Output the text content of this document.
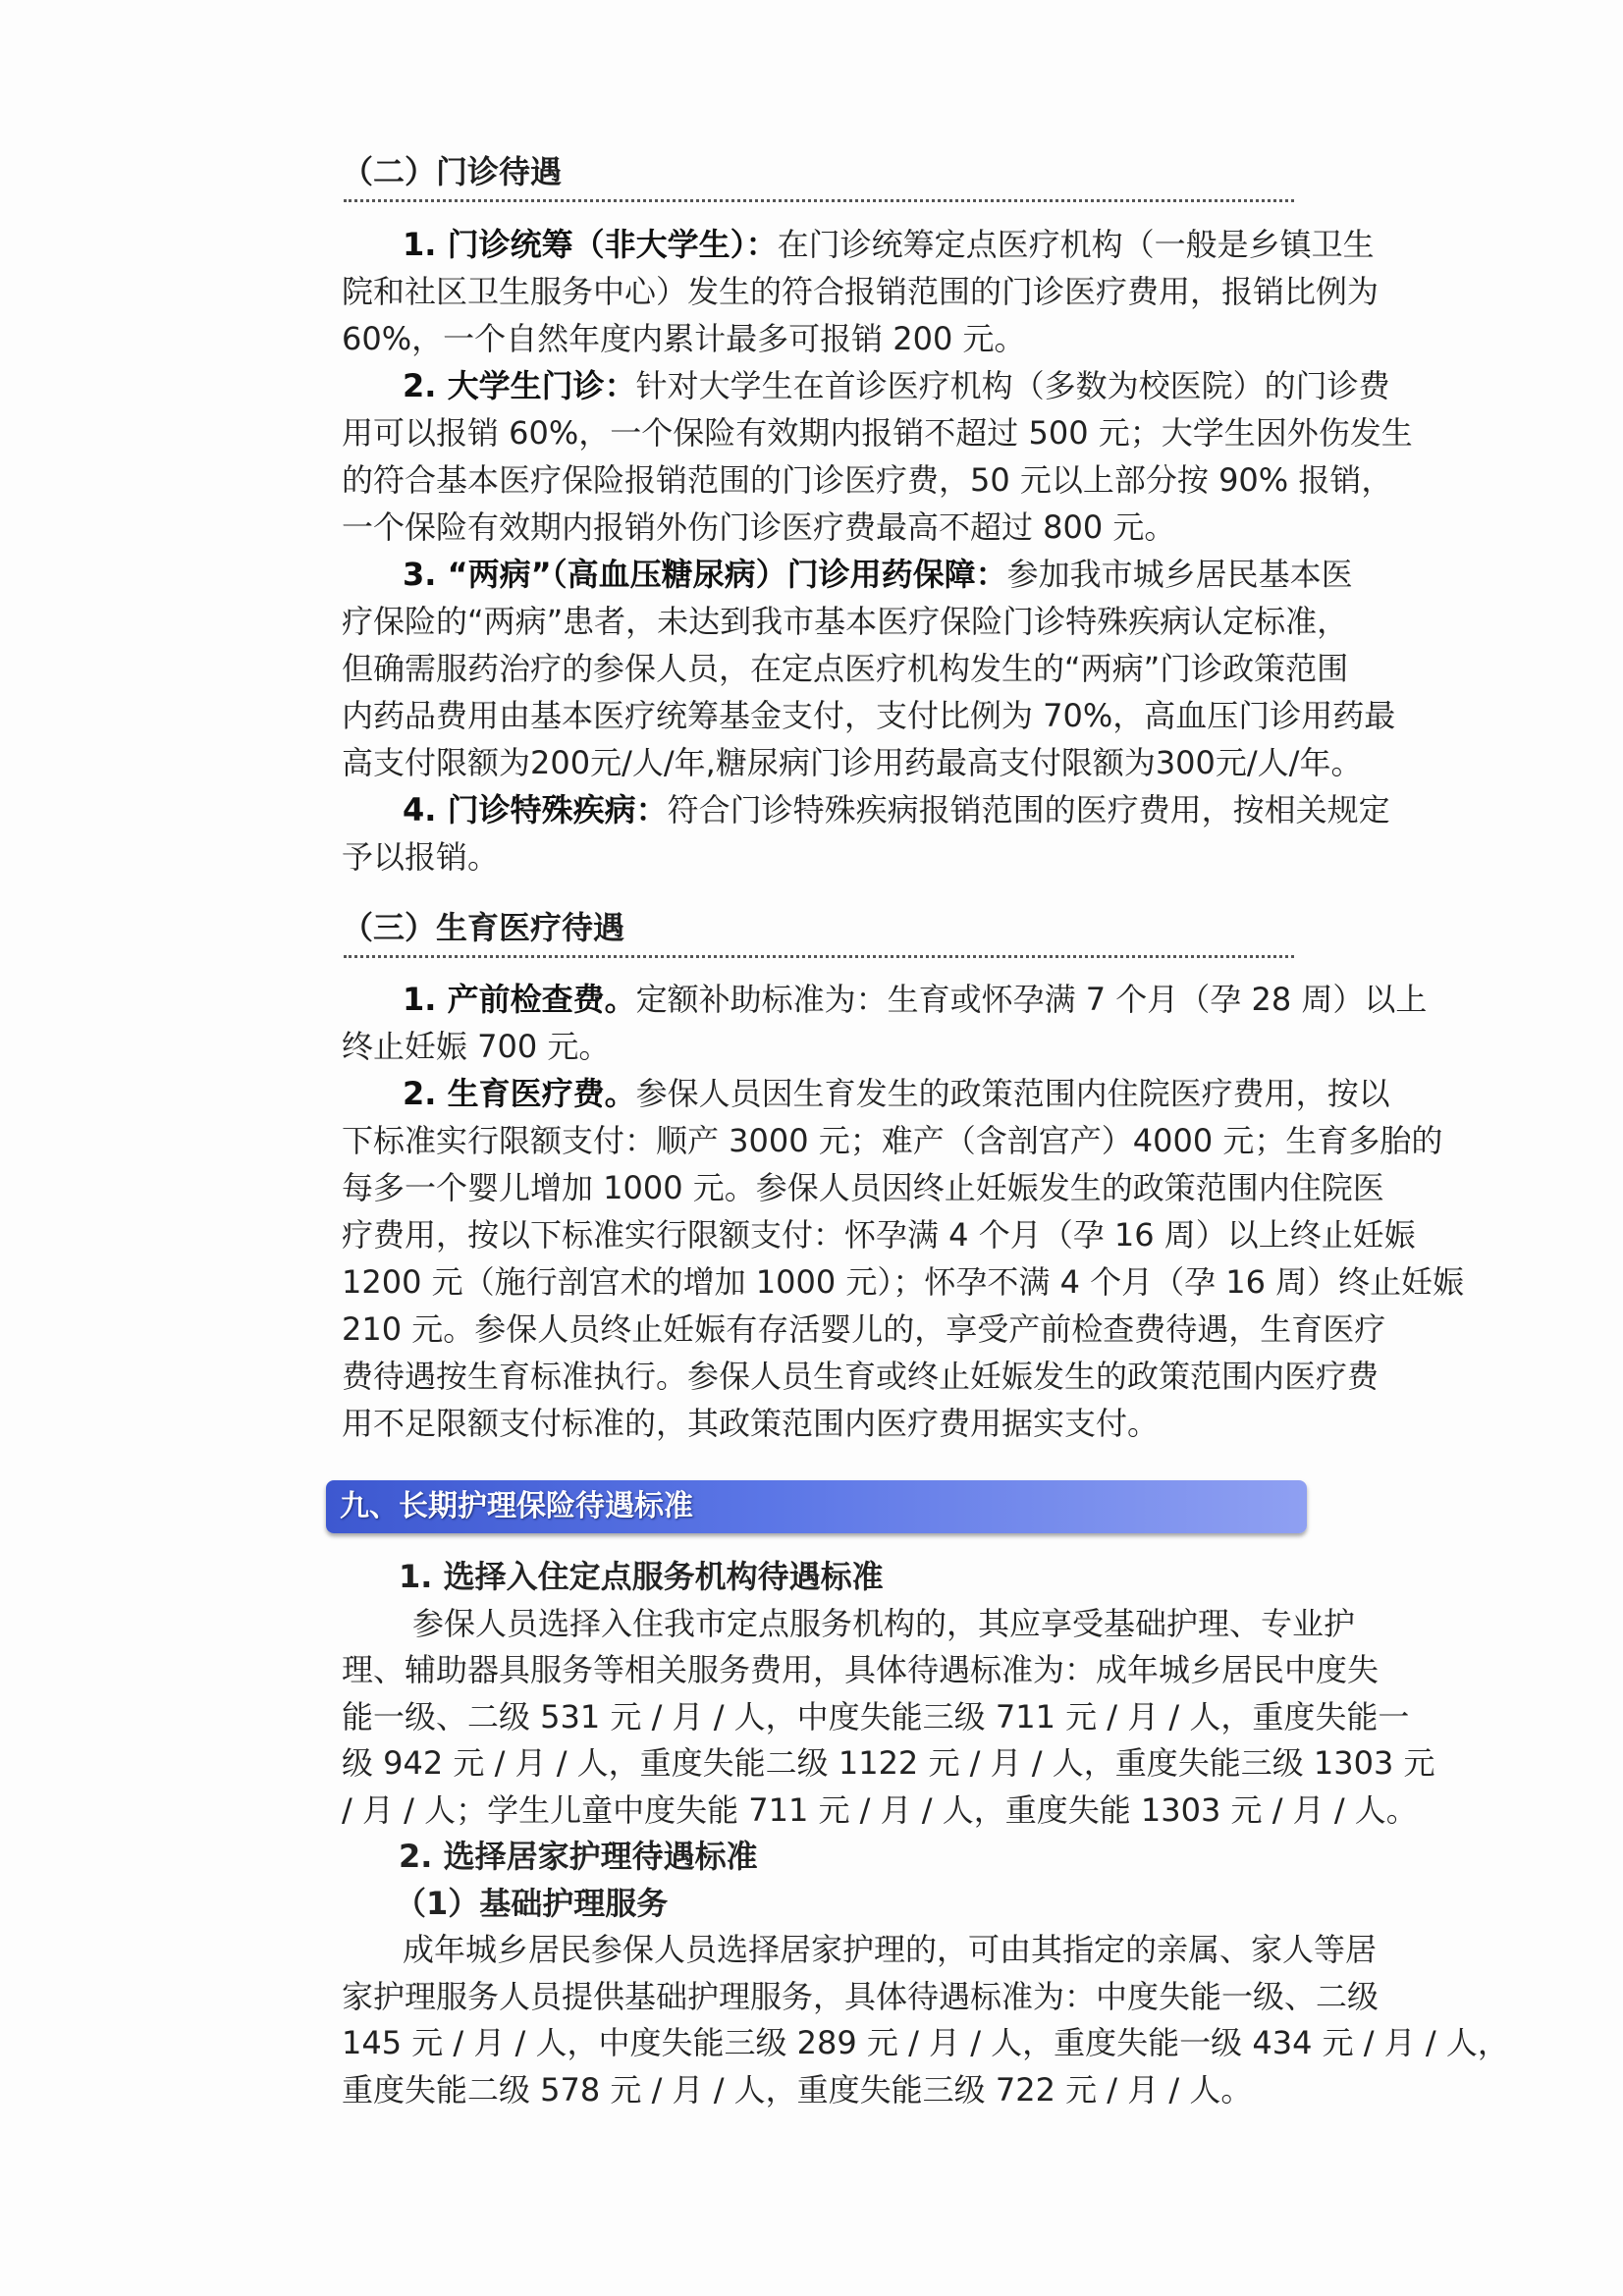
（二）门诊待遇
1. 门诊统筹（非大学生）：在门诊统筹定点医疗机构（一般是乡镇卫生
院和社区卫生服务中心）发生的符合报销范围的门诊医疗费用，报销比例为
60%，一个自然年度内累计最多可报销 200 元。
2. 大学生门诊：针对大学生在首诊医疗机构（多数为校医院）的门诊费
用可以报销 60%，一个保险有效期内报销不超过 500 元；大学生因外伤发生
的符合基本医疗保险报销范围的门诊医疗费，50 元以上部分按 90% 报销，
一个保险有效期内报销外伤门诊医疗费最高不超过 800 元。
3. “两病”（高血压糖尿病）门诊用药保障：参加我市城乡居民基本医
疗保险的“两病”患者，未达到我市基本医疗保险门诊特殊疾病认定标准，
但确需服药治疗的参保人员，在定点医疗机构发生的“两病”门诊政策范围
内药品费用由基本医疗统筹基金支付，支付比例为 70%，高血压门诊用药最
高支付限额为200元/人/年,糖尿病门诊用药最高支付限额为300元/人/年。
4. 门诊特殊疾病：符合门诊特殊疾病报销范围的医疗费用，按相关规定
予以报销。
（三）生育医疗待遇
1. 产前检查费。定额补助标准为：生育或怀孕满 7 个月（孕 28 周）以上
终止妊娠 700 元。
2. 生育医疗费。参保人员因生育发生的政策范围内住院医疗费用，按以
下标准实行限额支付：顺产 3000 元；难产（含剖宫产）4000 元；生育多胎的
每多一个婴儿增加 1000 元。参保人员因终止妊娠发生的政策范围内住院医
疗费用，按以下标准实行限额支付：怀孕满 4 个月（孕 16 周）以上终止妊娠
1200 元（施行剖宫术的增加 1000 元）；怀孕不满 4 个月（孕 16 周）终止妊娠
210 元。参保人员终止妊娠有存活婴儿的，享受产前检查费待遇，生育医疗
费待遇按生育标准执行。参保人员生育或终止妊娠发生的政策范围内医疗费
用不足限额支付标准的，其政策范围内医疗费用据实支付。
九、长期护理保险待遇标准
1. 选择入住定点服务机构待遇标准
参保人员选择入住我市定点服务机构的，其应享受基础护理、专业护
理、辅助器具服务等相关服务费用，具体待遇标准为：成年城乡居民中度失
能一级、二级 531 元 / 月 / 人，中度失能三级 711 元 / 月 / 人，重度失能一
级 942 元 / 月 / 人，重度失能二级 1122 元 / 月 / 人，重度失能三级 1303 元
/ 月 / 人；学生儿童中度失能 711 元 / 月 / 人，重度失能 1303 元 / 月 / 人。
2. 选择居家护理待遇标准
（1）基础护理服务
成年城乡居民参保人员选择居家护理的，可由其指定的亲属、家人等居
家护理服务人员提供基础护理服务，具体待遇标准为：中度失能一级、二级
145 元 / 月 / 人，中度失能三级 289 元 / 月 / 人，重度失能一级 434 元 / 月 / 人，
重度失能二级 578 元 / 月 / 人，重度失能三级 722 元 / 月 / 人。
